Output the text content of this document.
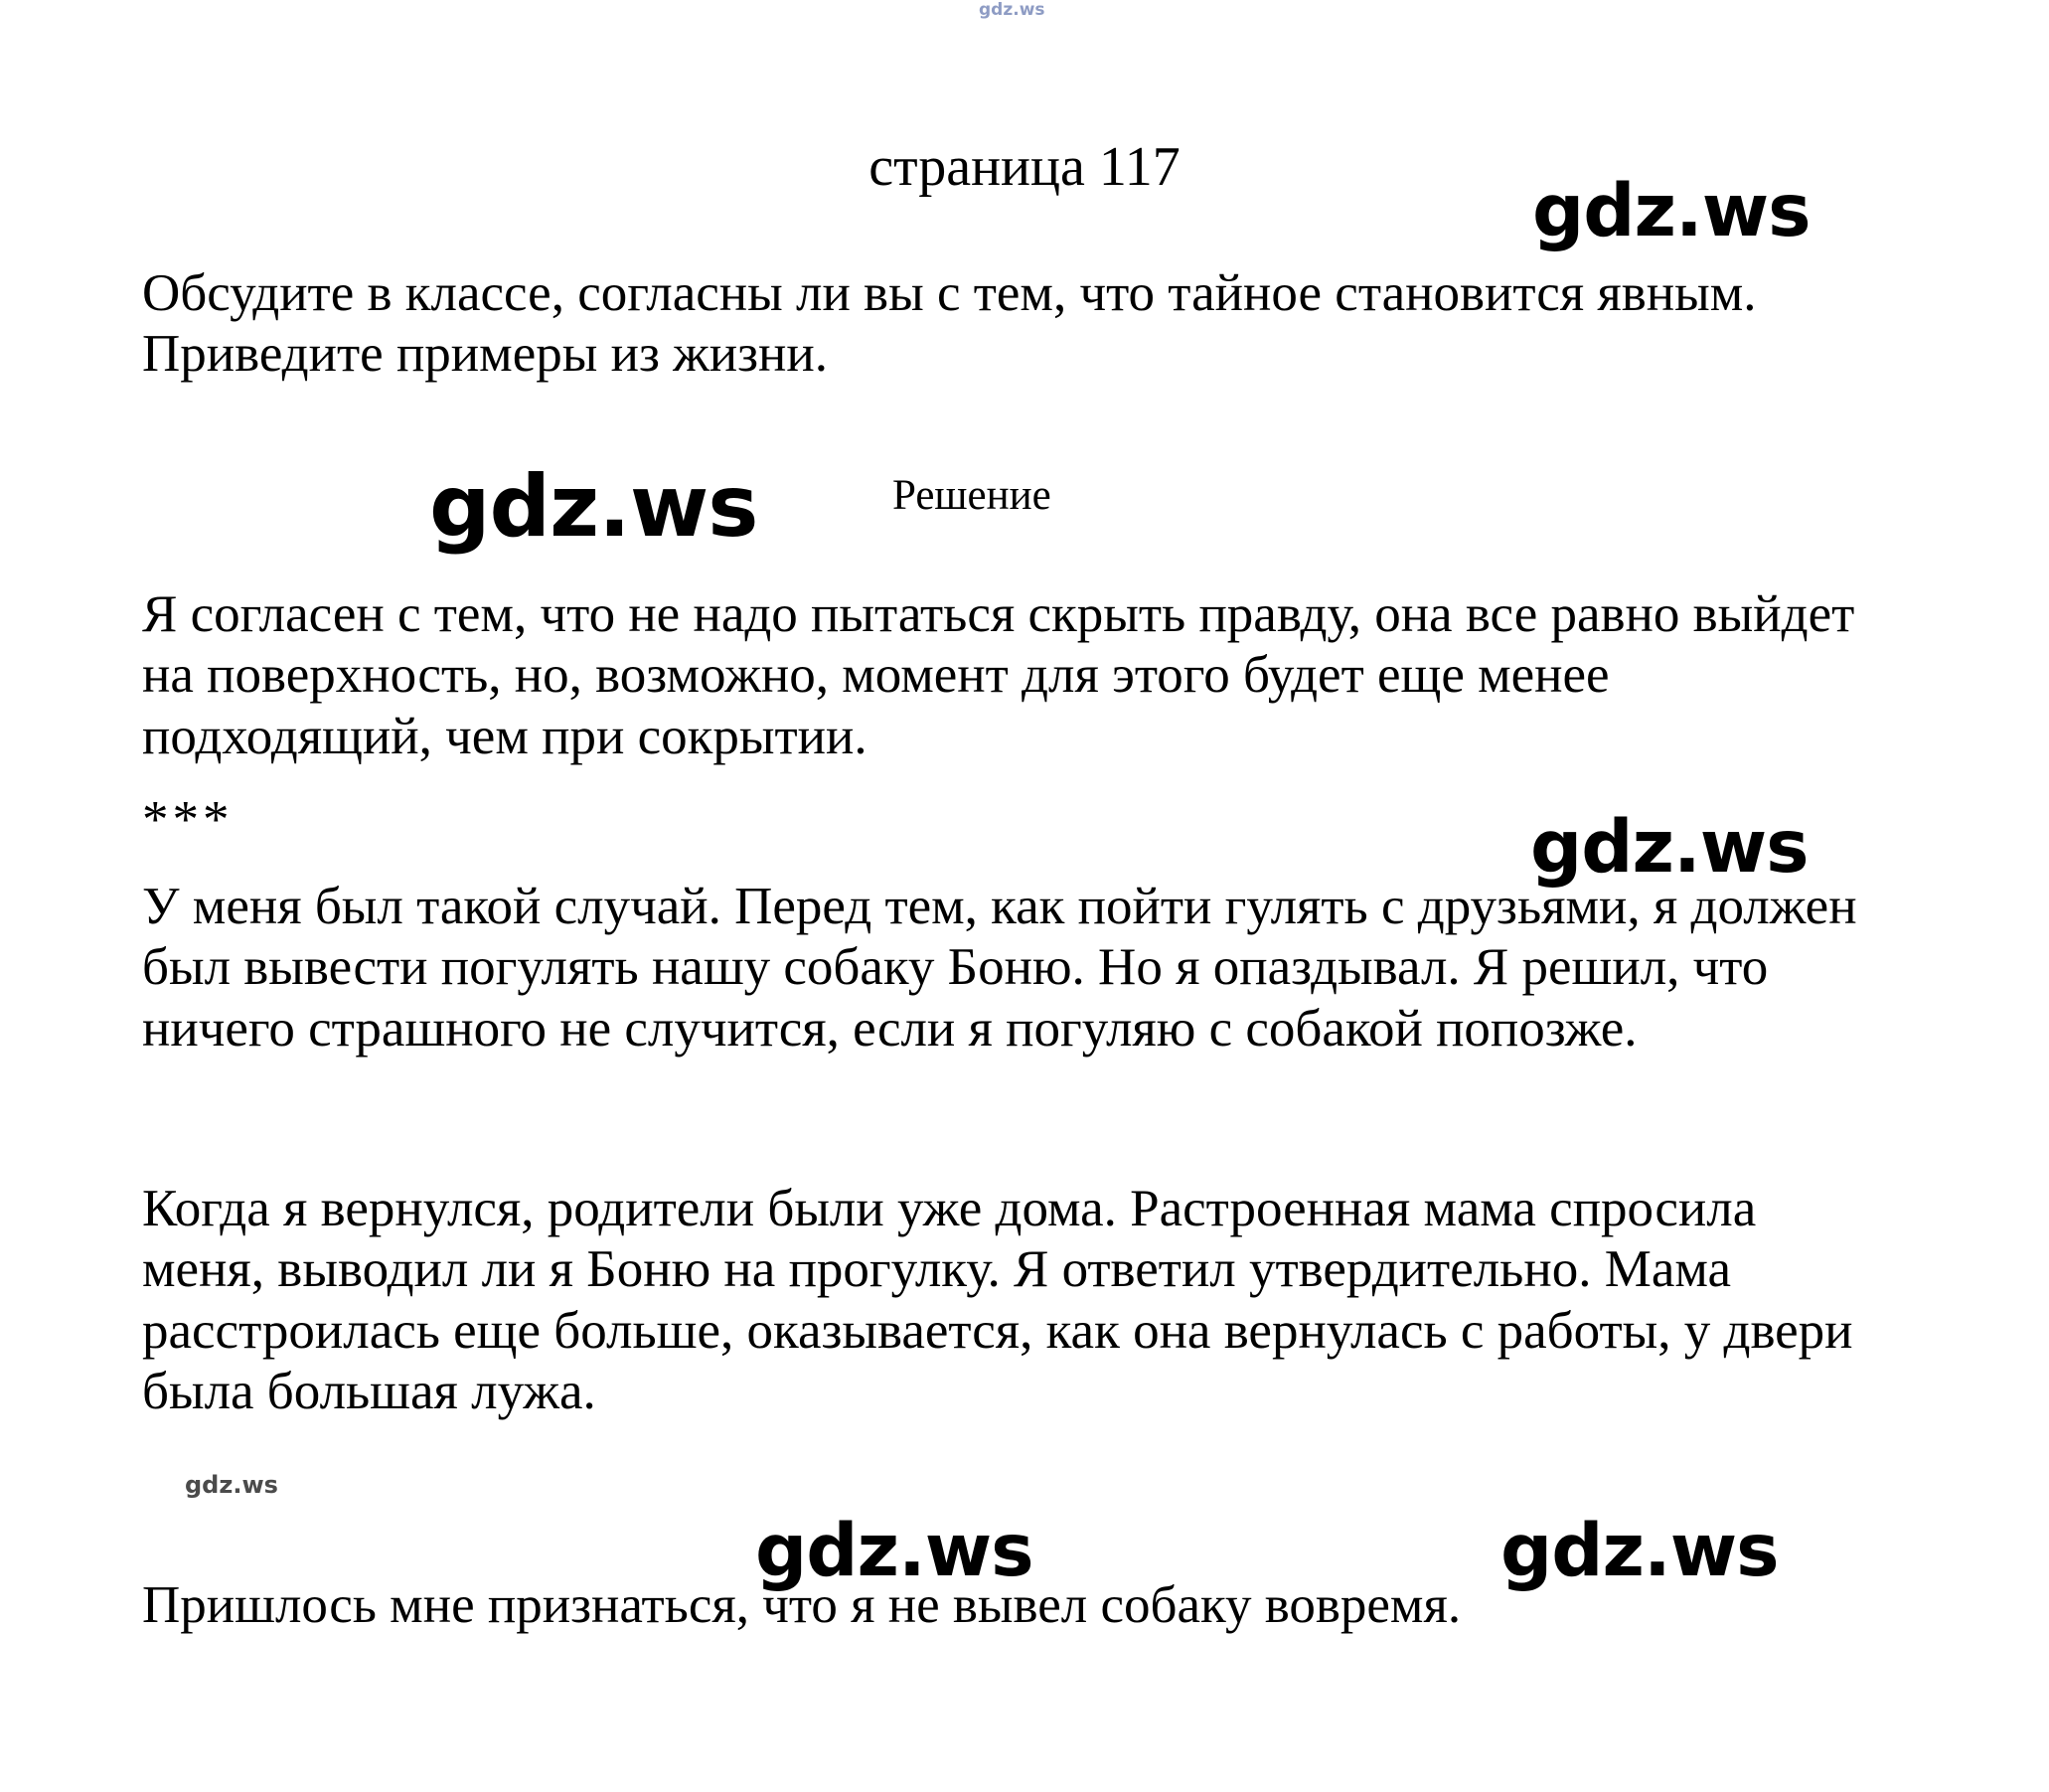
gdz.ws
страница 117
gdz.ws
Обсудите в классе, согласны ли вы с тем, что тайное становится явным. Приведите примеры из жизни.
gdz.ws	Решение
Я согласен с тем, что не надо пытаться скрыть правду, она все равно выйдет на поверхность, но, возможно, момент для этого будет еще менее подходящий, чем при сокрытии.
***	gdz.ws
У меня был такой случай. Перед тем, как пойти гулять с друзьями, я должен был вывести погулять нашу собаку Боню. Но я опаздывал. Я решил, что ничего страшного не случится, если я погуляю с собакой попозже.
Когда я вернулся, родители были уже дома. Растроенная мама спросила меня, выводил ли я Боню на прогулку. Я ответил утвердительно. Мама расстроилась еще больше, оказывается, как она вернулась с работы, у двери была большая лужа.
gdz.ws
gdz.ws	gdz.ws
Пришлось мне признаться, что я не вывел собаку вовремя.
